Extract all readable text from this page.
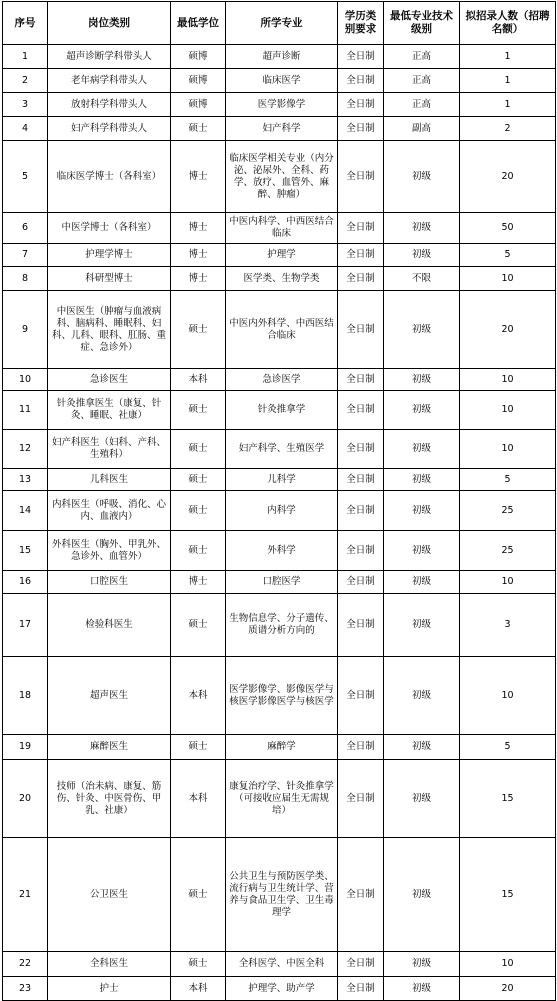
序号	岗位类别	最低学位	所学专业	学历类别要求	最低专业技术级别	拟招录人数（招聘名额）
1	超声诊断学科带头人	硕博	超声诊断	全日制	正高	1
2	老年病学科带头人	硕博	临床医学	全日制	正高	1
3	放射科学科带头人	硕博	医学影像学	全日制	正高	1
4	妇产科学科带头人	硕士	妇产科学	全日制	副高	2
5	临床医学博士（各科室）	博士	临床医学相关专业（内分泌、泌尿外、全科、药学、放疗、血管外、麻醉、肿瘤）	全日制	初级	20
6	中医学博士（各科室）	博士	中医内科学、中西医结合临床	全日制	初级	50
7	护理学博士	博士	护理学	全日制	初级	5
8	科研型博士	博士	医学类、生物学类	全日制	不限	10
9	中医医生（肿瘤与血液病科、脑病科、睡眠科、妇科、儿科、眼科、肛肠、重症、急诊外）	硕士	中医内外科学、中西医结合临床	全日制	初级	20
10	急诊医生	本科	急诊医学	全日制	初级	10
11	针灸推拿医生（康复、针灸、睡眠、社康）	硕士	针灸推拿学	全日制	初级	10
12	妇产科医生（妇科、产科、生殖科）	硕士	妇产科学、生殖医学	全日制	初级	10
13	儿科医生	硕士	儿科学	全日制	初级	5
14	内科医生（呼吸、消化、心内、血液内）	硕士	内科学	全日制	初级	25
15	外科医生（胸外、甲乳外、急诊外、血管外）	硕士	外科学	全日制	初级	25
16	口腔医生	博士	口腔医学	全日制	初级	10
17	检验科医生	硕士	生物信息学、分子遗传、质谱分析方向的	全日制	初级	3
18	超声医生	本科	医学影像学、影像医学与核医学影像医学与核医学	全日制	初级	10
19	麻醉医生	硕士	麻醉学	全日制	初级	5
20	技师（治未病、康复、筋伤、针灸、中医骨伤、甲乳、社康）	本科	康复治疗学、针灸推拿学（可接收应届生无需规培）	全日制	初级	15
21	公卫医生	硕士	公共卫生与预防医学类、流行病与卫生统计学、营养与食品卫生学、卫生毒理学	全日制	初级	15
22	全科医生	硕士	全科医学、中医全科	全日制	初级	10
23	护士	本科	护理学、助产学	全日制	初级	20
